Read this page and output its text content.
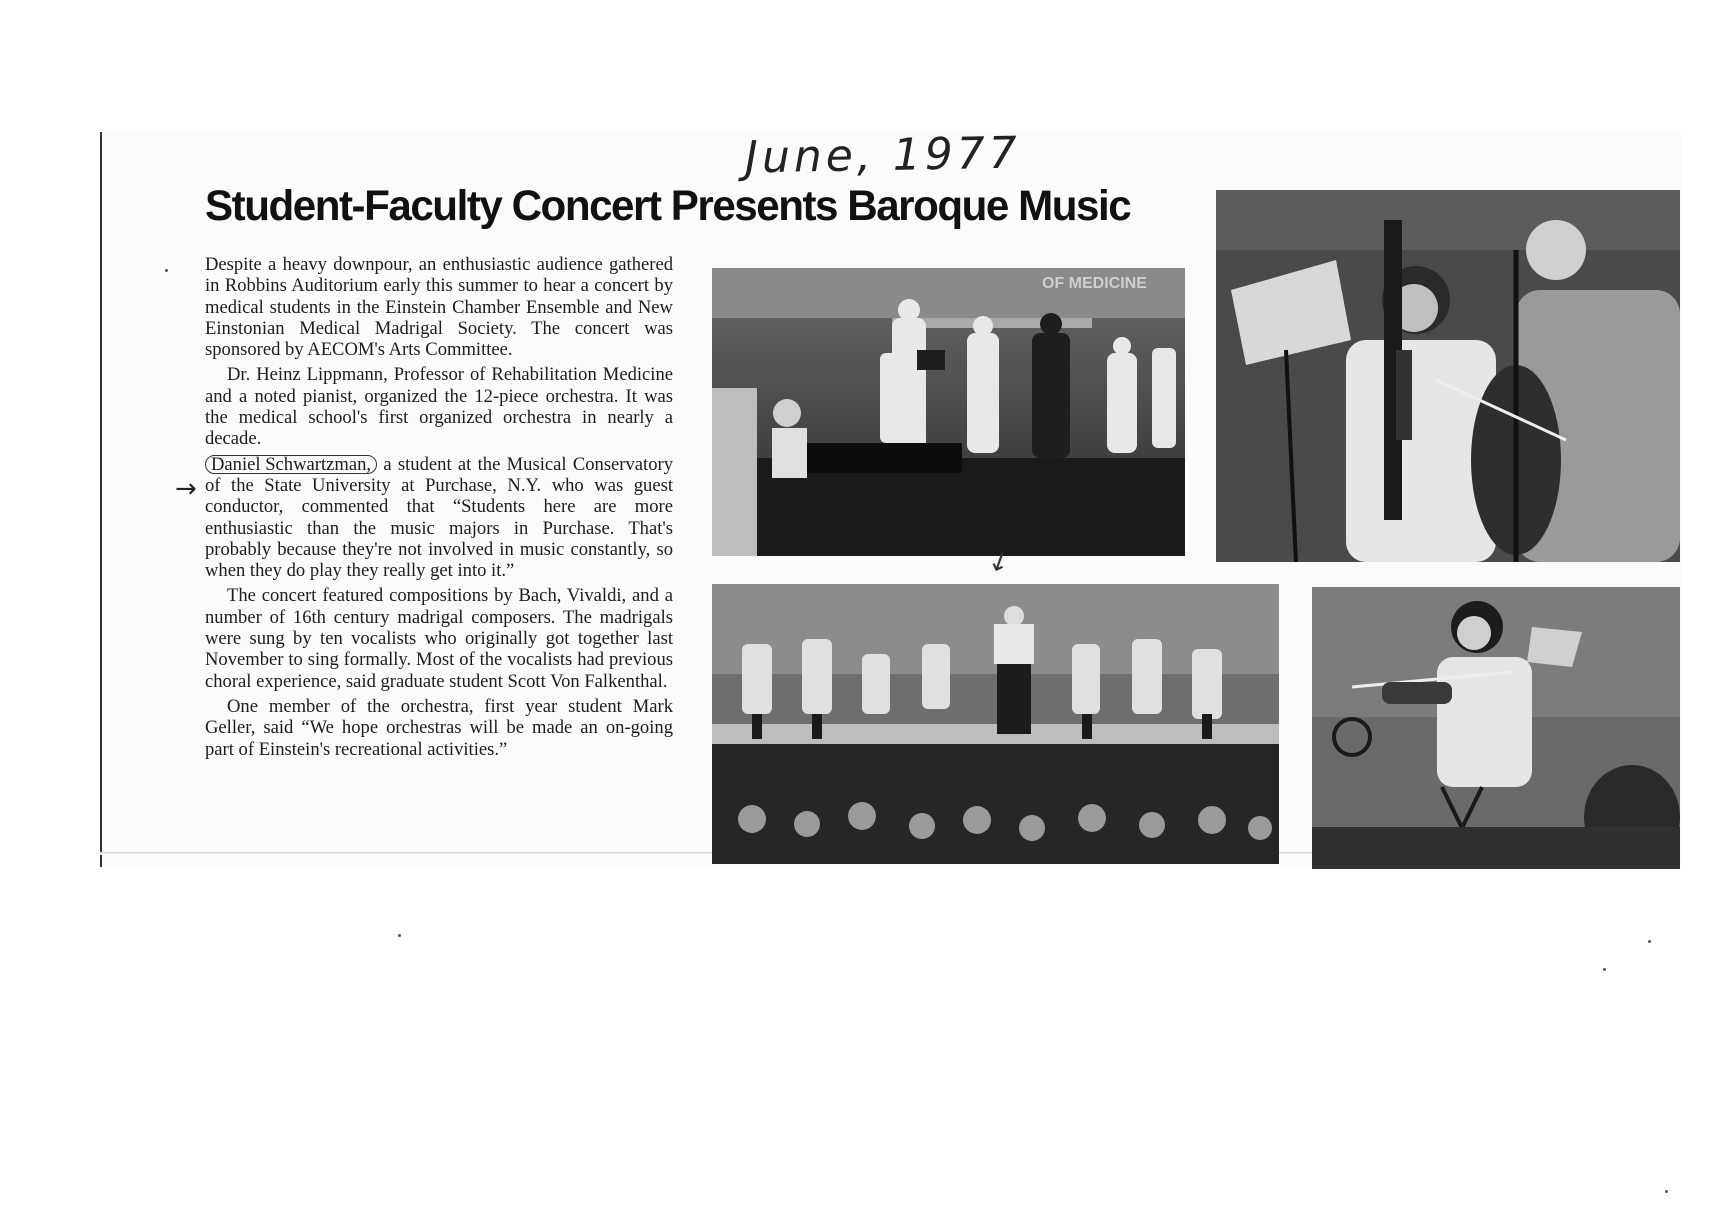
June, 1977
Student-Faculty Concert Presents Baroque Music

Despite a heavy downpour, an enthusiastic audience gathered in Robbins Auditorium early this summer to hear a concert by medical students in the Einstein Chamber Ensemble and New Einstonian Medical Madrigal Society. The concert was sponsored by AECOM's Arts Committee.

Dr. Heinz Lippmann, Professor of Rehabilitation Medicine and a noted pianist, organized the 12-piece orchestra. It was the medical school's first organized orchestra in nearly a decade.

Daniel Schwartzman, a student at the Musical Conservatory of the State University at Purchase, N.Y. who was guest conductor, commented that “Students here are more enthusiastic than the music majors in Purchase. That's probably because they're not involved in music constantly, so when they do play they really get into it.”

The concert featured compositions by Bach, Vivaldi, and a number of 16th century madrigal composers. The madrigals were sung by ten vocalists who originally got together last November to sing formally. Most of the vocalists had previous choral experience, said graduate student Scott Von Falkenthal.

One member of the orchestra, first year student Mark Geller, said “We hope orchestras will be made an on-going part of Einstein's recreational activities.”

→
OF MEDICINE
↓
